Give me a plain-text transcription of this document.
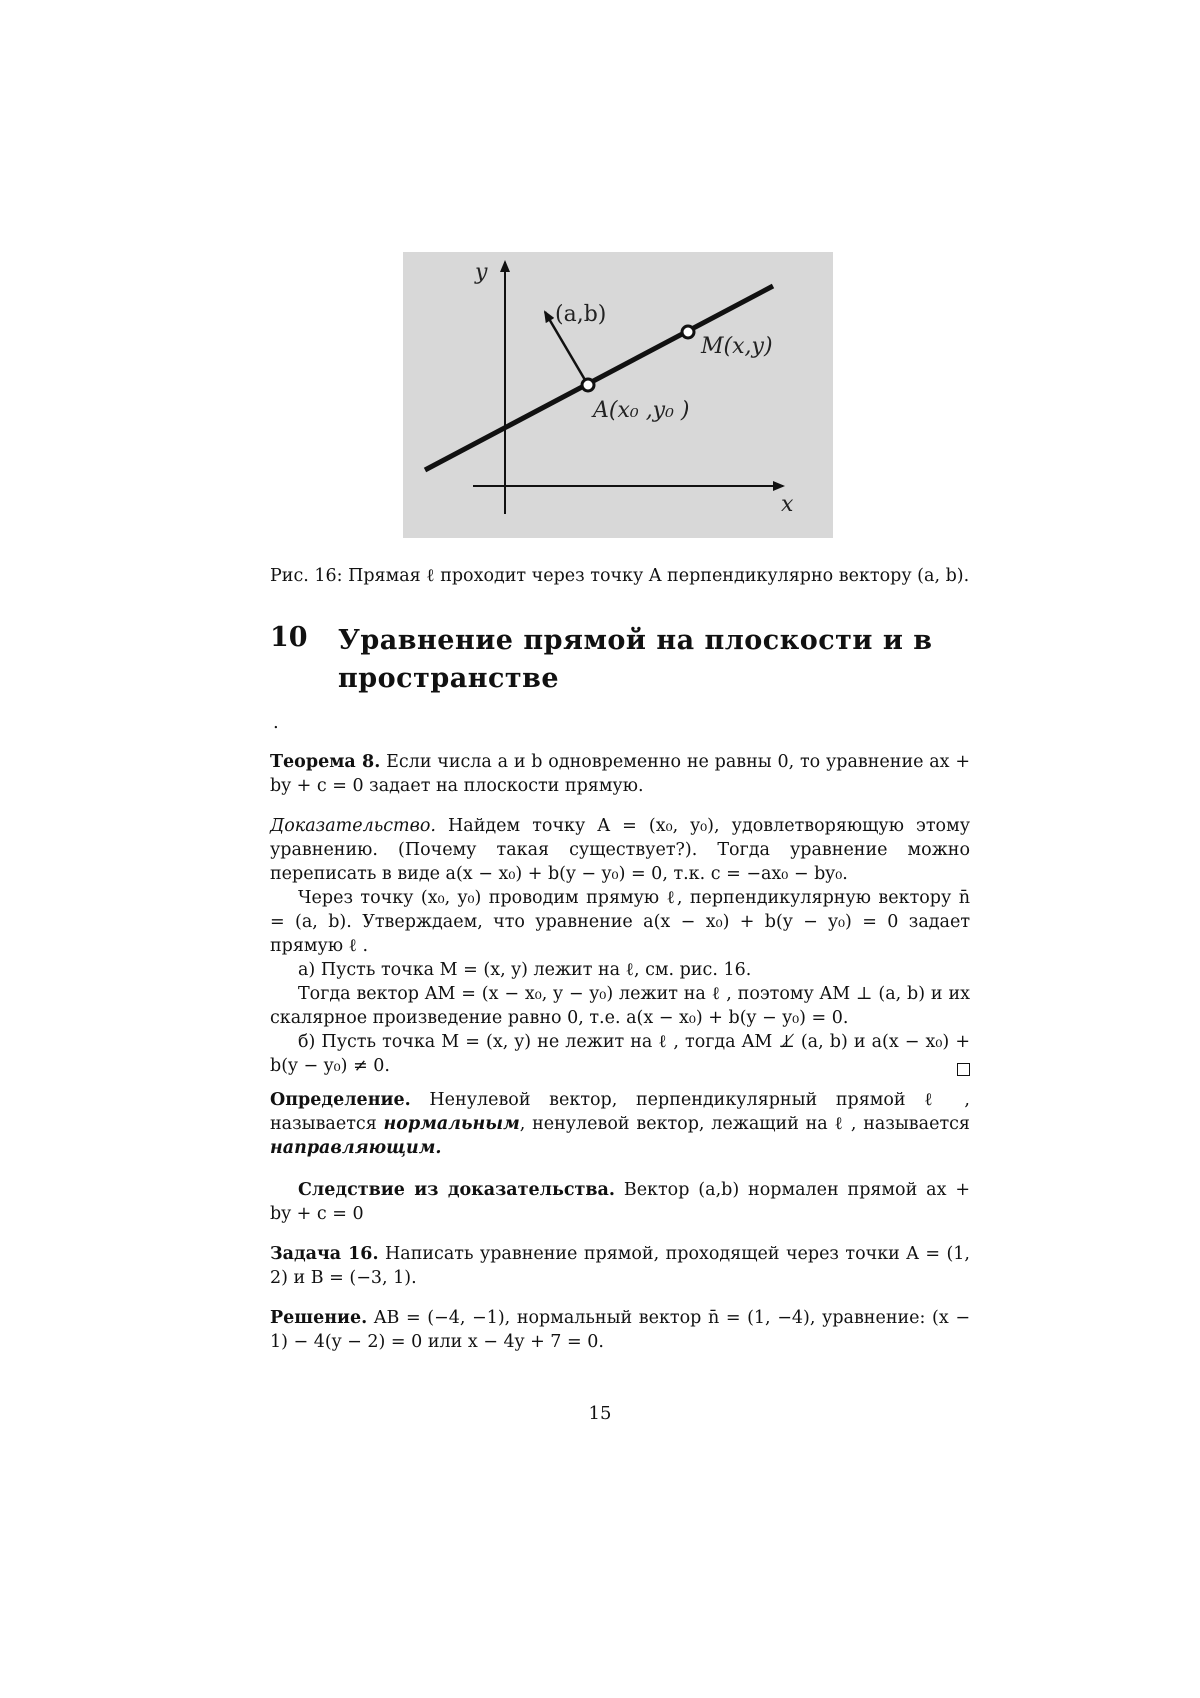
y
x
(a,b)
M(x,y)
A(x₀ ,y₀ )
Рис. 16: Прямая ℓ проходит через точку A перпендикулярно вектору (a, b).
10 Уравнение прямой на плоскости и в пространстве
.

Теорема 8. Если числа a и b одновременно не равны 0, то уравнение ax + by + c = 0 задает на плоскости прямую.

Доказательство. Найдем точку A = (x₀, y₀), удовлетворяющую этому уравнению. (Почему такая существует?). Тогда уравнение можно переписать в виде a(x − x₀) + b(y − y₀) = 0, т.к. c = −ax₀ − by₀.

Через точку (x₀, y₀) проводим прямую ℓ, перпендикулярную вектору n̄ = (a, b). Утверждаем, что уравнение a(x − x₀) + b(y − y₀) = 0 задает прямую ℓ .

а) Пусть точка M = (x, y) лежит на ℓ, см. рис. 16.

Тогда вектор AM = (x − x₀, y − y₀) лежит на ℓ , поэтому AM ⊥ (a, b) и их скалярное произведение равно 0, т.е. a(x − x₀) + b(y − y₀) = 0.

б) Пусть точка M = (x, y) не лежит на ℓ , тогда AM ⊥̸ (a, b) и a(x − x₀) + b(y − y₀) ≠ 0.

Определение. Ненулевой вектор, перпендикулярный прямой ℓ , называется нормальным, ненулевой вектор, лежащий на ℓ , называется направляющим.

Следствие из доказательства. Вектор (a,b) нормален прямой ax + by + c = 0

Задача 16. Написать уравнение прямой, проходящей через точки A = (1, 2) и B = (−3, 1).

Решение. AB = (−4, −1), нормальный вектор n̄ = (1, −4), уравнение: (x − 1) − 4(y − 2) = 0 или x − 4y + 7 = 0.

15
